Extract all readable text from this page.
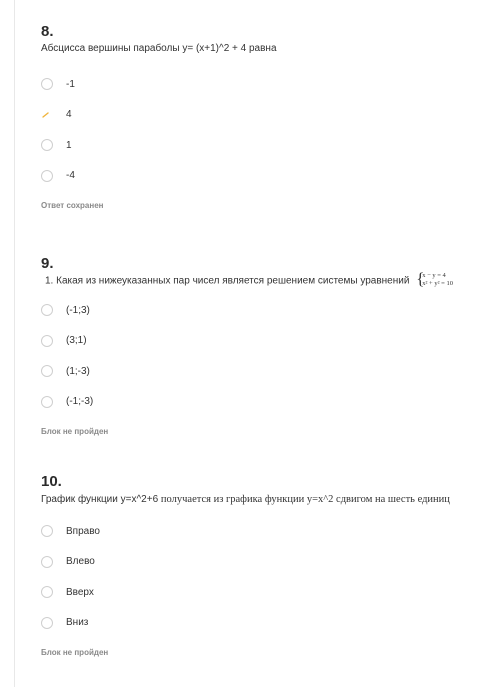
8.
Абсцисса вершины параболы у= (х+1)^2 + 4 равна
-1
4
1
-4
Ответ сохранен
9.
1. Какая из нижеуказанных пар чисел является решением системы уравнений {
x − y = 4
x² + y² = 10
(-1;3)
(3;1)
(1;-3)
(-1;-3)
Блок не пройден
10.
График функции у=x^2+6 получается из графика функции у=х^2 сдвигом на шесть единиц
Вправо
Влево
Вверх
Вниз
Блок не пройден
